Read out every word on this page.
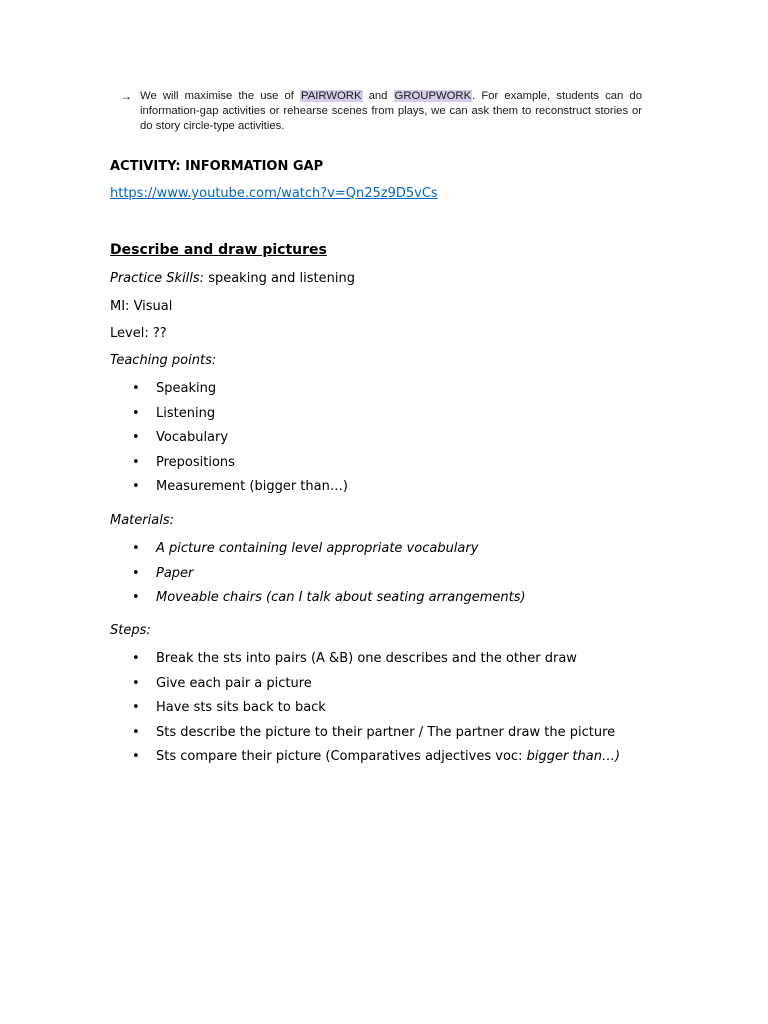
→ We will maximise the use of PAIRWORK and GROUPWORK. For example, students can do information-gap activities or rehearse scenes from plays, we can ask them to reconstruct stories or do story circle-type activities.
ACTIVITY: INFORMATION GAP
https://www.youtube.com/watch?v=Qn25z9D5vCs
Describe and draw pictures
Practice Skills: speaking and listening
MI: Visual
Level: ??
Teaching points:
• Speaking
• Listening
• Vocabulary
• Prepositions
• Measurement (bigger than…)
Materials:
• A picture containing level appropriate vocabulary
• Paper
• Moveable chairs (can I talk about seating arrangements)
Steps:
• Break the sts into pairs (A &B) one describes and the other draw
• Give each pair a picture
• Have sts sits back to back
• Sts describe the picture to their partner / The partner draw the picture
• Sts compare their picture (Comparatives adjectives voc: bigger than…)
